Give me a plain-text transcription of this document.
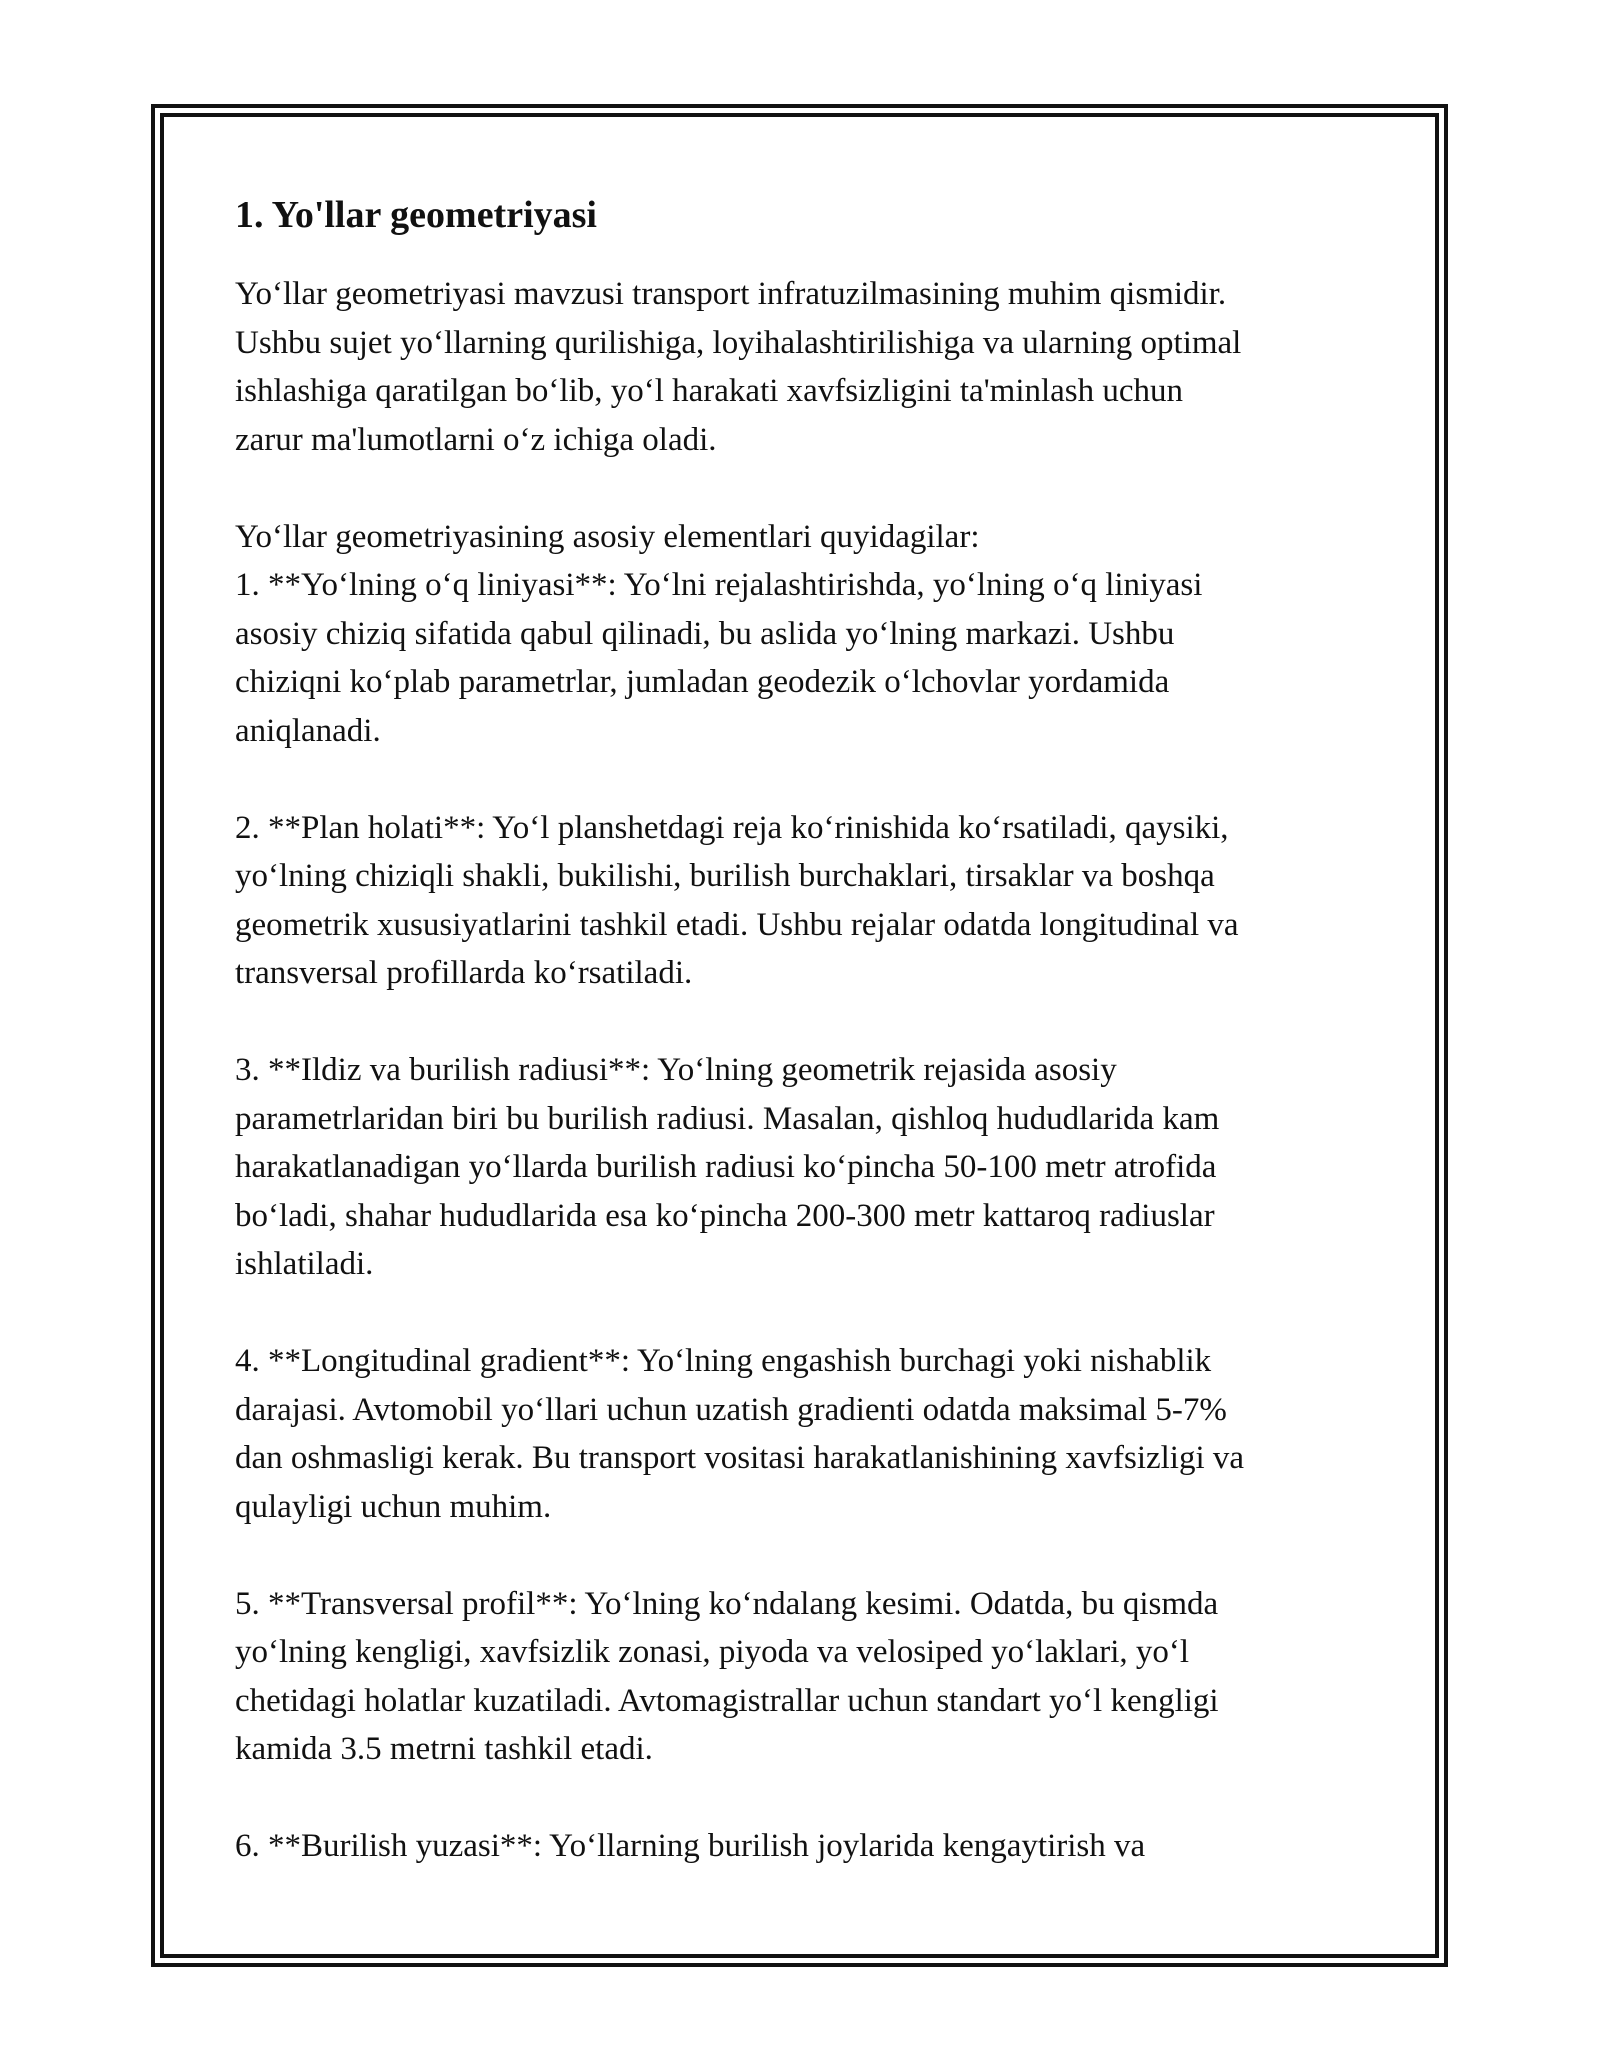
1. Yo'llar geometriyasi

Yo‘llar geometriyasi mavzusi transport infratuzilmasining muhim qismidir.
Ushbu sujet yo‘llarning qurilishiga, loyihalashtirilishiga va ularning optimal
ishlashiga qaratilgan bo‘lib, yo‘l harakati xavfsizligini ta'minlash uchun
zarur ma'lumotlarni o‘z ichiga oladi.

Yo‘llar geometriyasining asosiy elementlari quyidagilar:

1. **Yo‘lning o‘q liniyasi**: Yo‘lni rejalashtirishda, yo‘lning o‘q liniyasi
asosiy chiziq sifatida qabul qilinadi, bu aslida yo‘lning markazi. Ushbu
chiziqni ko‘plab parametrlar, jumladan geodezik o‘lchovlar yordamida
aniqlanadi.

2. **Plan holati**: Yo‘l planshetdagi reja ko‘rinishida ko‘rsatiladi, qaysiki,
yo‘lning chiziqli shakli, bukilishi, burilish burchaklari, tirsaklar va boshqa
geometrik xususiyatlarini tashkil etadi. Ushbu rejalar odatda longitudinal va
transversal profillarda ko‘rsatiladi.

3. **Ildiz va burilish radiusi**: Yo‘lning geometrik rejasida asosiy
parametrlaridan biri bu burilish radiusi. Masalan, qishloq hududlarida kam
harakatlanadigan yo‘llarda burilish radiusi ko‘pincha 50-100 metr atrofida
bo‘ladi, shahar hududlarida esa ko‘pincha 200-300 metr kattaroq radiuslar
ishlatiladi.

4. **Longitudinal gradient**: Yo‘lning engashish burchagi yoki nishablik
darajasi. Avtomobil yo‘llari uchun uzatish gradienti odatda maksimal 5-7%
dan oshmasligi kerak. Bu transport vositasi harakatlanishining xavfsizligi va
qulayligi uchun muhim.

5. **Transversal profil**: Yo‘lning ko‘ndalang kesimi. Odatda, bu qismda
yo‘lning kengligi, xavfsizlik zonasi, piyoda va velosiped yo‘laklari, yo‘l
chetidagi holatlar kuzatiladi. Avtomagistrallar uchun standart yo‘l kengligi
kamida 3.5 metrni tashkil etadi.

6. **Burilish yuzasi**: Yo‘llarning burilish joylarida kengaytirish va
